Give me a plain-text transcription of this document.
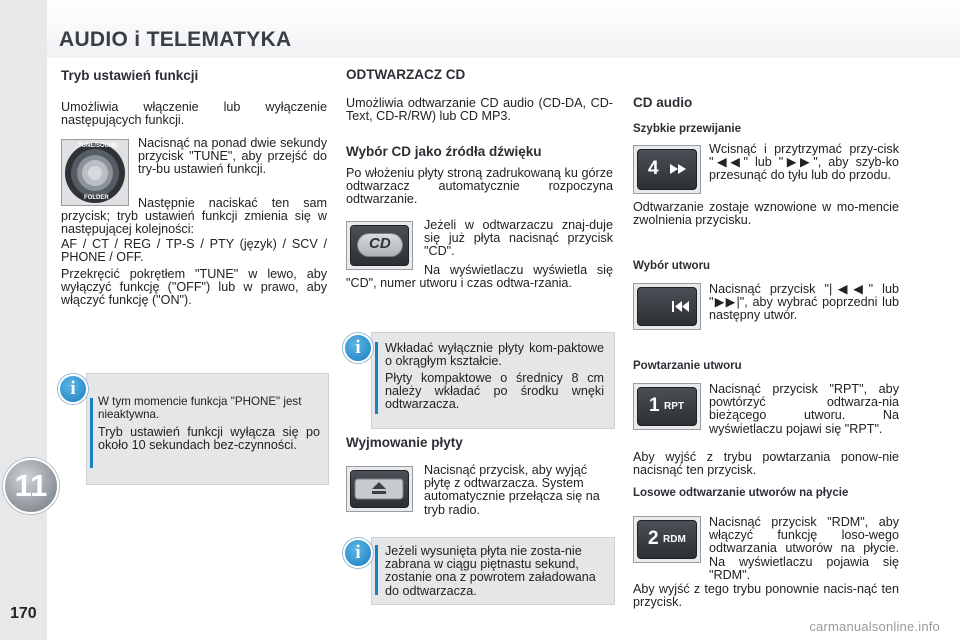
AUDIO i TELEMATYKA
11
170
Tryb ustawień funkcji
Umożliwia włączenie lub wyłączenie następujących funkcji.
TUNE/SOUND
FOLDER
Nacisnąć na ponad dwie sekundy przycisk "TUNE", aby przejść do try-bu ustawień funkcji.
Następnie naciskać ten sam przycisk; tryb ustawień funkcji zmienia się w następującej kolejności:
AF / CT / REG / TP-S / PTY (język) / SCV / PHONE / OFF.
Przekręcić pokrętłem "TUNE" w lewo, aby wyłączyć funkcję ("OFF") lub w prawo, aby włączyć funkcję ("ON").
i
W tym momencie funkcja "PHONE" jest nieaktywna.
Tryb ustawień funkcji wyłącza się po około 10 sekundach bez-czynności.
ODTWARZACZ CD
Umożliwia odtwarzanie CD audio (CD-DA, CD-Text, CD-R/RW) lub CD MP3.
Wybór CD jako źródła dźwięku
Po włożeniu płyty stroną zadrukowaną ku górze odtwarzacz automatycznie rozpoczyna odtwarzanie.
CD
Jeżeli w odtwarzaczu znaj-duje się już płyta nacisnąć przycisk "CD".
Na wyświetlaczu wyświetla się "CD", numer utworu i czas odtwa-rzania.
i	Wkładać wyłącznie płyty kom-paktowe o okrągłym kształcie.
Płyty kompaktowe o średnicy 8 cm należy wkładać po środku wnęki odtwarzacza.
Wyjmowanie płyty
Nacisnąć przycisk, aby wyjąć płytę z odtwarzacza. System automatycznie przełącza się na tryb radio.
i	Jeżeli wysunięta płyta nie zosta-nie zabrana w ciągu piętnastu sekund, zostanie ona z powrotem załadowana do odtwarzacza.
CD audio
Szybkie przewijanie
4
Wcisnąć i przytrzymać przy-cisk "◀◀" lub "▶▶", aby szyb-ko przesunąć do tyłu lub do przodu.
Odtwarzanie zostaje wznowione w mo-mencie zwolnienia przycisku.
Wybór utworu
Nacisnąć przycisk "|◀◀" lub "▶▶|", aby wybrać poprzedni lub następny utwór.
Powtarzanie utworu
1 RPT
Nacisnąć przycisk "RPT", aby powtórzyć odtwarza-nia bieżącego utworu. Na wyświetlaczu pojawi się "RPT".
Aby wyjść z trybu powtarzania ponow-nie nacisnąć ten przycisk.
Losowe odtwarzanie utworów na płycie
2 RDM
Nacisnąć przycisk "RDM", aby włączyć funkcję loso-wego odtwarzania utworów na płycie. Na wyświetlaczu pojawia się "RDM".
Aby wyjść z tego trybu ponownie nacis-nąć ten przycisk.
carmanualsonline.info
